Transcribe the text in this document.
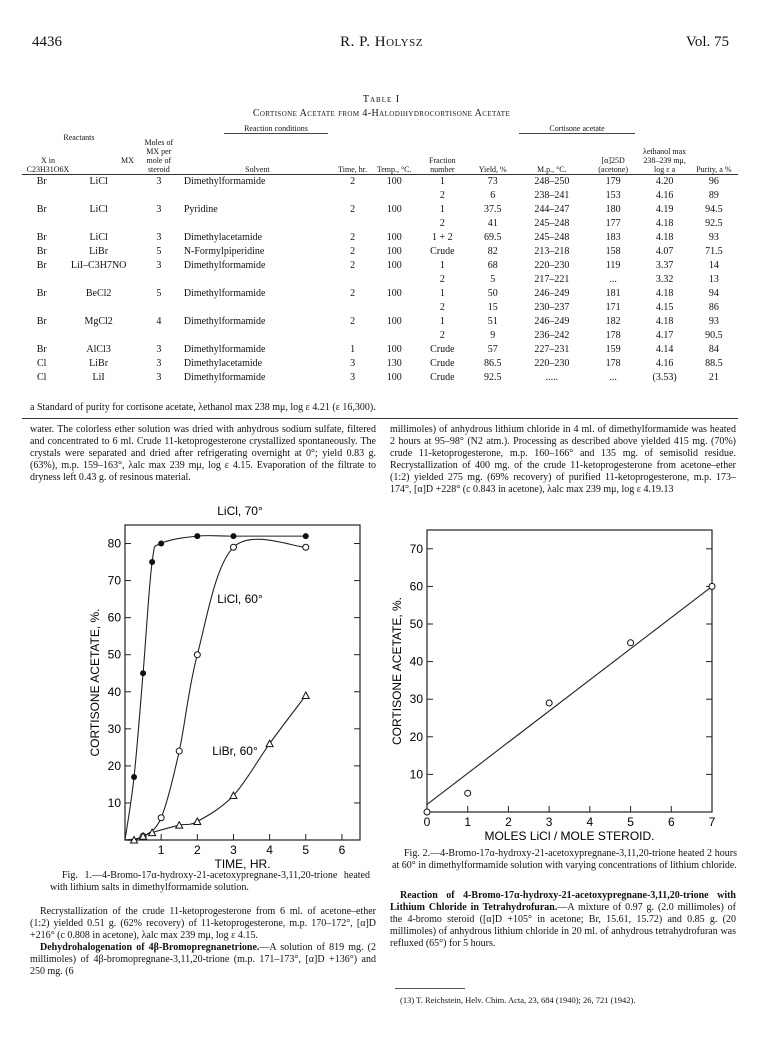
4436	R. P. Holysz	Vol. 75
Table I
Cortisone Acetate from 4-Halodihydrocortisone Acetate
		Reaction conditions				Cortisone acetate					

Reactants
X in C23H31O6X
MX		Moles of MX per mole of steroid	Solvent	Time, hr.	Temp., °C.	Fraction number	Yield, %	M.p., °C.	[α]25D (acetone)	λethanol max 238–239 mμ, log ε a	Purity, a %
Br	LiCl	3	Dimethylformamide	2	100	1	73	248–250	179	4.20	96
						2	6	238–241	153	4.16	89
Br	LiCl	3	Pyridine	2	100	1	37.5	244–247	180	4.19	94.5
						2	41	245–248	177	4.18	92.5
Br	LiCl	3	Dimethylacetamide	2	100	1 + 2	69.5	245–248	183	4.18	93
Br	LiBr	5	N-Formylpiperidine	2	100	Crude	82	213–218	158	4.07	71.5
Br	LiI–C3H7NO	3	Dimethylformamide	2	100	1	68	220–230	119	3.37	14
						2	5	217–221	...	3.32	13
Br	BeCl2	5	Dimethylformamide	2	100	1	50	246–249	181	4.18	94
						2	15	230–237	171	4.15	86
Br	MgCl2	4	Dimethylformamide	2	100	1	51	246–249	182	4.18	93
						2	9	236–242	178	4.17	90.5
Br	AlCl3	3	Dimethylformamide	1	100	Crude	57	227–231	159	4.14	84
Cl	LiBr	3	Dimethylacetamide	3	130	Crude	86.5	220–230	178	4.16	88.5
Cl	LiI	3	Dimethylformamide	3	100	Crude	92.5	.....	...	(3.53)	21
a Standard of purity for cortisone acetate, λethanol max 238 mμ, log ε 4.21 (ε 16,300).

water. The colorless ether solution was dried with anhydrous sodium sulfate, filtered and concentrated to 6 ml. Crude 11-ketoprogesterone crystallized spontaneously. The crystals were separated and dried after refrigerating overnight at 0°; yield 0.83 g. (63%), m.p. 159–163°, λalc max 239 mμ, log ε 4.15. Evaporation of the filtrate to dryness left 0.43 g. of resinous material.

millimoles) of anhydrous lithium chloride in 4 ml. of dimethylformamide was heated 2 hours at 95–98° (N2 atm.). Processing as described above yielded 415 mg. (70%) crude 11-ketoprogesterone, m.p. 160–166° and 135 mg. of semisolid residue. Recrystallization of 400 mg. of the crude 11-ketoprogesterone from acetone–ether (1:2) yielded 275 mg. (69% recovery) of purified 11-ketoprogesterone, m.p. 173–174°, [α]D +228° (c 0.843 in acetone), λalc max 239 mμ, log ε 4.19.13

1 2 3 4 5 6
10
20
30
40
50
60
70
80
TIME, HR.
CORTISONE ACETATE, %.
LiCl, 70°
LiCl, 60°
LiBr, 60°
Fig. 1.—4-Bromo-17α-hydroxy-21-acetoxypregnane-3,11,20-trione heated with lithium salts in dimethylformamide solution.
0	1	2	3	4	5	6	7
10
20
30
40
50
60
70
MOLES LiCl / MOLE STEROID.
CORTISONE ACETATE, %.
Fig. 2.—4-Bromo-17α-hydroxy-21-acetoxypregnane-3,11,20-trione heated 2 hours at 60° in dimethylformamide solution with varying concentrations of lithium chloride.

Recrystallization of the crude 11-ketoprogesterone from 6 ml. of acetone–ether (1:2) yielded 0.51 g. (62% recovery) of 11-ketoprogesterone, m.p. 170–172°, [α]D +216° (c 0.808 in acetone), λalc max 239 mμ, log ε 4.15.

Dehydrohalogenation of 4β-Bromopregnanetrione.—A solution of 819 mg. (2 millimoles) of 4β-bromopregnane-3,11,20-trione (m.p. 171–173°, [α]D +136°) and 250 mg. (6

Reaction of 4-Bromo-17α-hydroxy-21-acetoxypregnane-3,11,20-trione with Lithium Chloride in Tetrahydrofuran.—A mixture of 0.97 g. (2.0 millimoles) of the 4-bromo steroid ([α]D +105° in acetone; Br, 15.61, 15.72) and 0.85 g. (20 millimoles) of anhydrous lithium chloride in 20 ml. of anhydrous tetrahydrofuran was refluxed (65°) for 5 hours.

(13) T. Reichstein, Helv. Chim. Acta, 23, 684 (1940); 26, 721 (1942).
